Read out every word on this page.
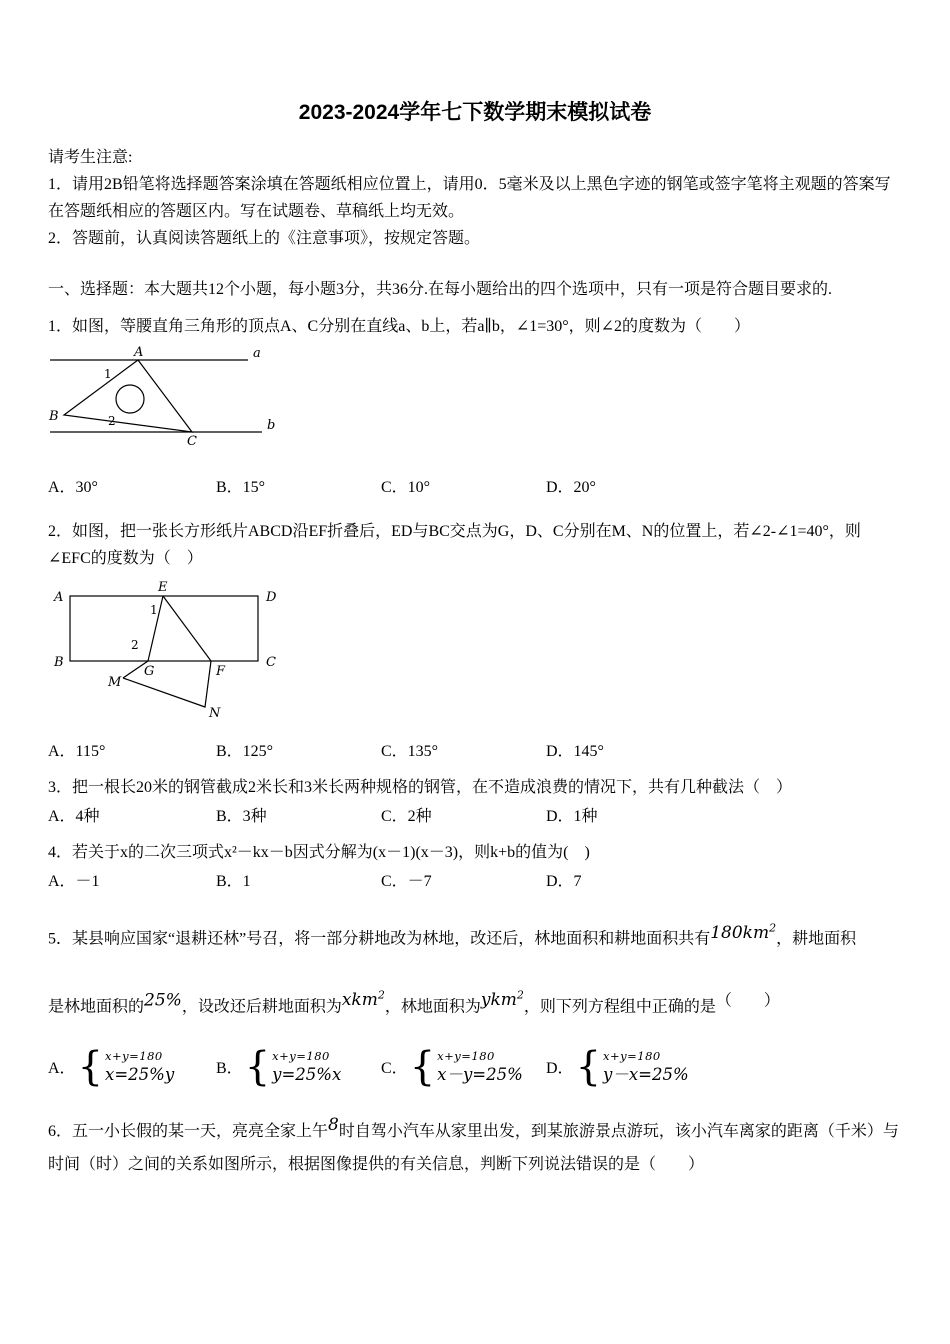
2023-2024学年七下数学期末模拟试卷

请考生注意:

1．请用2B铅笔将选择题答案涂填在答题纸相应位置上，请用0．5毫米及以上黑色字迹的钢笔或签字笔将主观题的答案写在答题纸相应的答题区内。写在试题卷、草稿纸上均无效。

2．答题前，认真阅读答题纸上的《注意事项》，按规定答题。

一、选择题：本大题共12个小题，每小题3分，共36分.在每小题给出的四个选项中，只有一项是符合题目要求的.

1．如图，等腰直角三角形的顶点A、C分别在直线a、b上，若a∥b，∠1=30°，则∠2的度数为（　　）

a
b
A
B
C
1
2
A．30°	B．15°	C．10°	D．20°

2．如图，把一张长方形纸片ABCD沿EF折叠后，ED与BC交点为G，D、C分别在M、N的位置上，若∠2-∠1=40°，则∠EFC的度数为（　）

A	D
B	C
E
F
G
M
N
1
2
A．115°	B．125°	C．135°	D．145°

3．把一根长20米的钢管截成2米长和3米长两种规格的钢管，在不造成浪费的情况下，共有几种截法（　）

A．4种	B．3种	C．2种	D．1种

4．若关于x的二次三项式x²－kx－b因式分解为(x－1)(x－3)，则k+b的值为(　)

A．－1	B．1	C．－7	D．7

5．某县响应国家“退耕还林”号召，将一部分耕地改为林地，改还后，林地面积和耕地面积共有$180km^2$，耕地面积
是林地面积的25%，设改还后耕地面积为xkm$^2$，林地面积为ykm$^2$，则下列方程组中正确的是（　　）

A． { x+y=180
x=25%y	B． { x+y=180
y=25%x C． { x+y=180
x－y=25% D． { x+y=180
y－x=25%

6．五一小长假的某一天，亮亮全家上午8时自驾小汽车从家里出发，到某旅游景点游玩，该小汽车离家的距离（千米）与时间（时）之间的关系如图所示，根据图像提供的有关信息，判断下列说法错误的是（　　）
